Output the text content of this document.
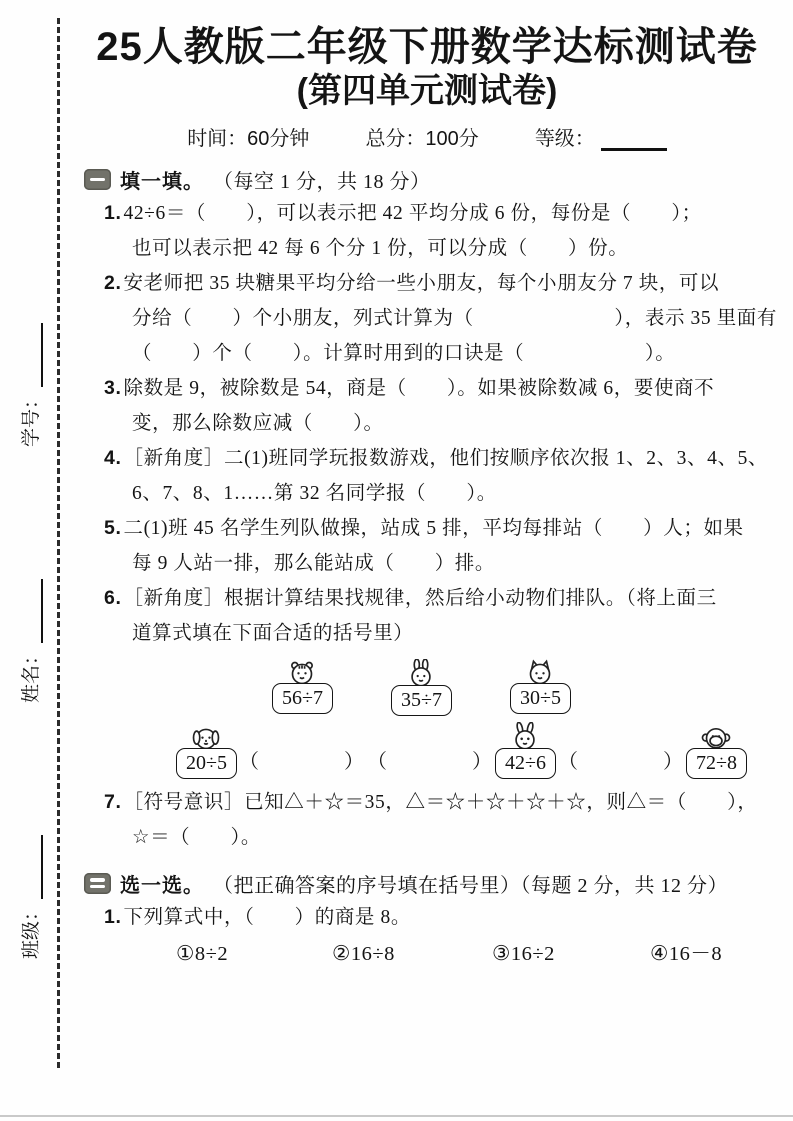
学号：
姓名：
班级：
25人教版二年级下册数学达标测试卷
(第四单元测试卷)
时间：60分钟	总分：100分	等级：
填一填。 （每空 1 分，共 18 分）
1. 42÷6＝（　　），可以表示把 42 平均分成 6 份，每份是（　　）；
也可以表示把 42 每 6 个分 1 份，可以分成（　　）份。
2. 安老师把 35 块糖果平均分给一些小朋友，每个小朋友分 7 块，可以
分给（　　）个小朋友，列式计算为（　　　　　　　），表示 35 里面有
（　　）个（　　）。计算时用到的口诀是（　　　　　　）。
3. 除数是 9，被除数是 54，商是（　　）。如果被除数减 6，要使商不
变，那么除数应减（　　）。
4. ［新角度］二(1)班同学玩报数游戏，他们按顺序依次报 1、2、3、4、5、
6、7、8、1……第 32 名同学报（　　）。
5. 二(1)班 45 名学生列队做操，站成 5 排，平均每排站（　　）人；如果
每 9 人站一排，那么能站成（　　）排。
6. ［新角度］根据计算结果找规律，然后给小动物们排队。（将上面三
道算式填在下面合适的括号里）
56÷7	35÷7	30÷5
20÷5 （　　　　） （　　　　） 42÷6 （　　　　） 72÷8
7. ［符号意识］已知△＋☆＝35，△＝☆＋☆＋☆＋☆，则△＝（　　），
☆＝（　　）。
选一选。 （把正确答案的序号填在括号里）（每题 2 分，共 12 分）
1. 下列算式中，（　　）的商是 8。
①8÷2	②16÷8	③16÷2	④16－8
